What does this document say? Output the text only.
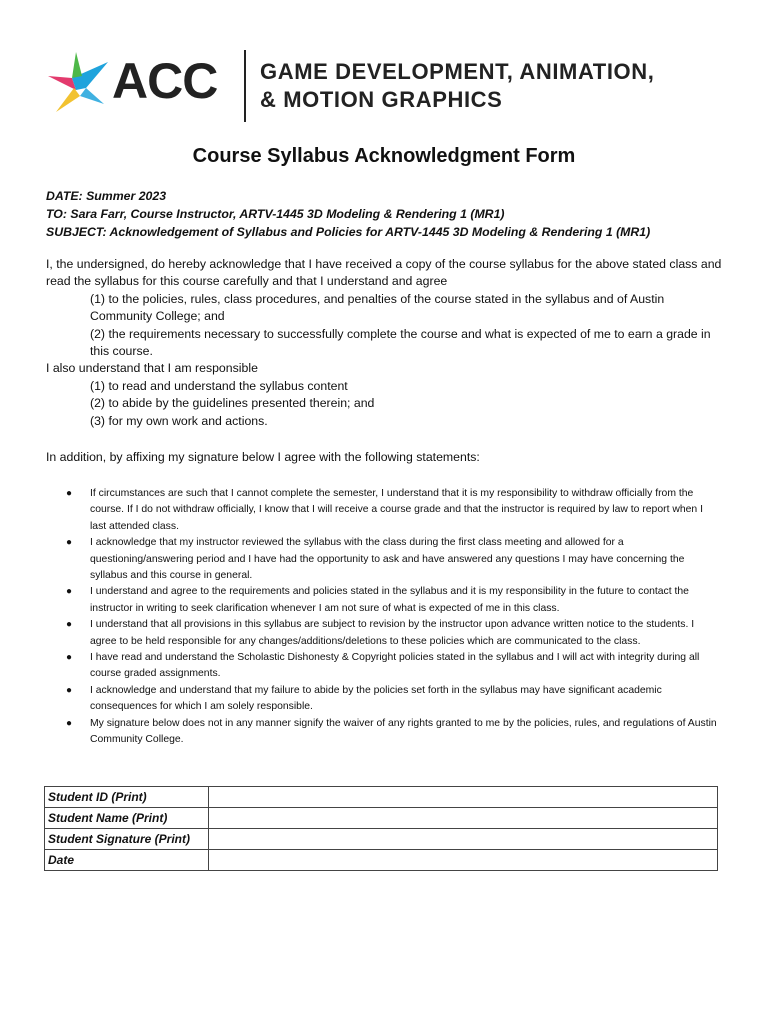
ACC GAME DEVELOPMENT, ANIMATION,
& MOTION GRAPHICS
Course Syllabus Acknowledgment Form
DATE: Summer 2023
TO: Sara Farr, Course Instructor, ARTV-1445 3D Modeling & Rendering 1 (MR1)
SUBJECT: Acknowledgement of Syllabus and Policies for ARTV-1445 3D Modeling & Rendering 1 (MR1)

I, the undersigned, do hereby acknowledge that I have received a copy of the course syllabus for the above stated class and read the syllabus for this course carefully and that I understand and agree

(1) to the policies, rules, class procedures, and penalties of the course stated in the syllabus and of Austin Community College; and

(2) the requirements necessary to successfully complete the course and what is expected of me to earn a grade in this course.

I also understand that I am responsible

(1) to read and understand the syllabus content

(2) to abide by the guidelines presented therein; and

(3) for my own work and actions.

In addition, by affixing my signature below I agree with the following statements:
● If circumstances are such that I cannot complete the semester, I understand that it is my responsibility to withdraw officially from the course. If I do not withdraw officially, I know that I will receive a course grade and that the instructor is required by law to report when I last attended class.
● I acknowledge that my instructor reviewed the syllabus with the class during the first class meeting and allowed for a questioning/answering period and I have had the opportunity to ask and have answered any questions I may have concerning the syllabus and this course in general.
● I understand and agree to the requirements and policies stated in the syllabus and it is my responsibility in the future to contact the instructor in writing to seek clarification whenever I am not sure of what is expected of me in this class.
● I understand that all provisions in this syllabus are subject to revision by the instructor upon advance written notice to the students. I agree to be held responsible for any changes/additions/deletions to these policies which are communicated to the class.
● I have read and understand the Scholastic Dishonesty & Copyright policies stated in the syllabus and I will act with integrity during all course graded assignments.
● I acknowledge and understand that my failure to abide by the policies set forth in the syllabus may have significant academic consequences for which I am solely responsible.
● My signature below does not in any manner signify the waiver of any rights granted to me by the policies, rules, and regulations of Austin Community College.
Student ID (Print)	
Student Name (Print)	
Student Signature (Print)	
Date	
